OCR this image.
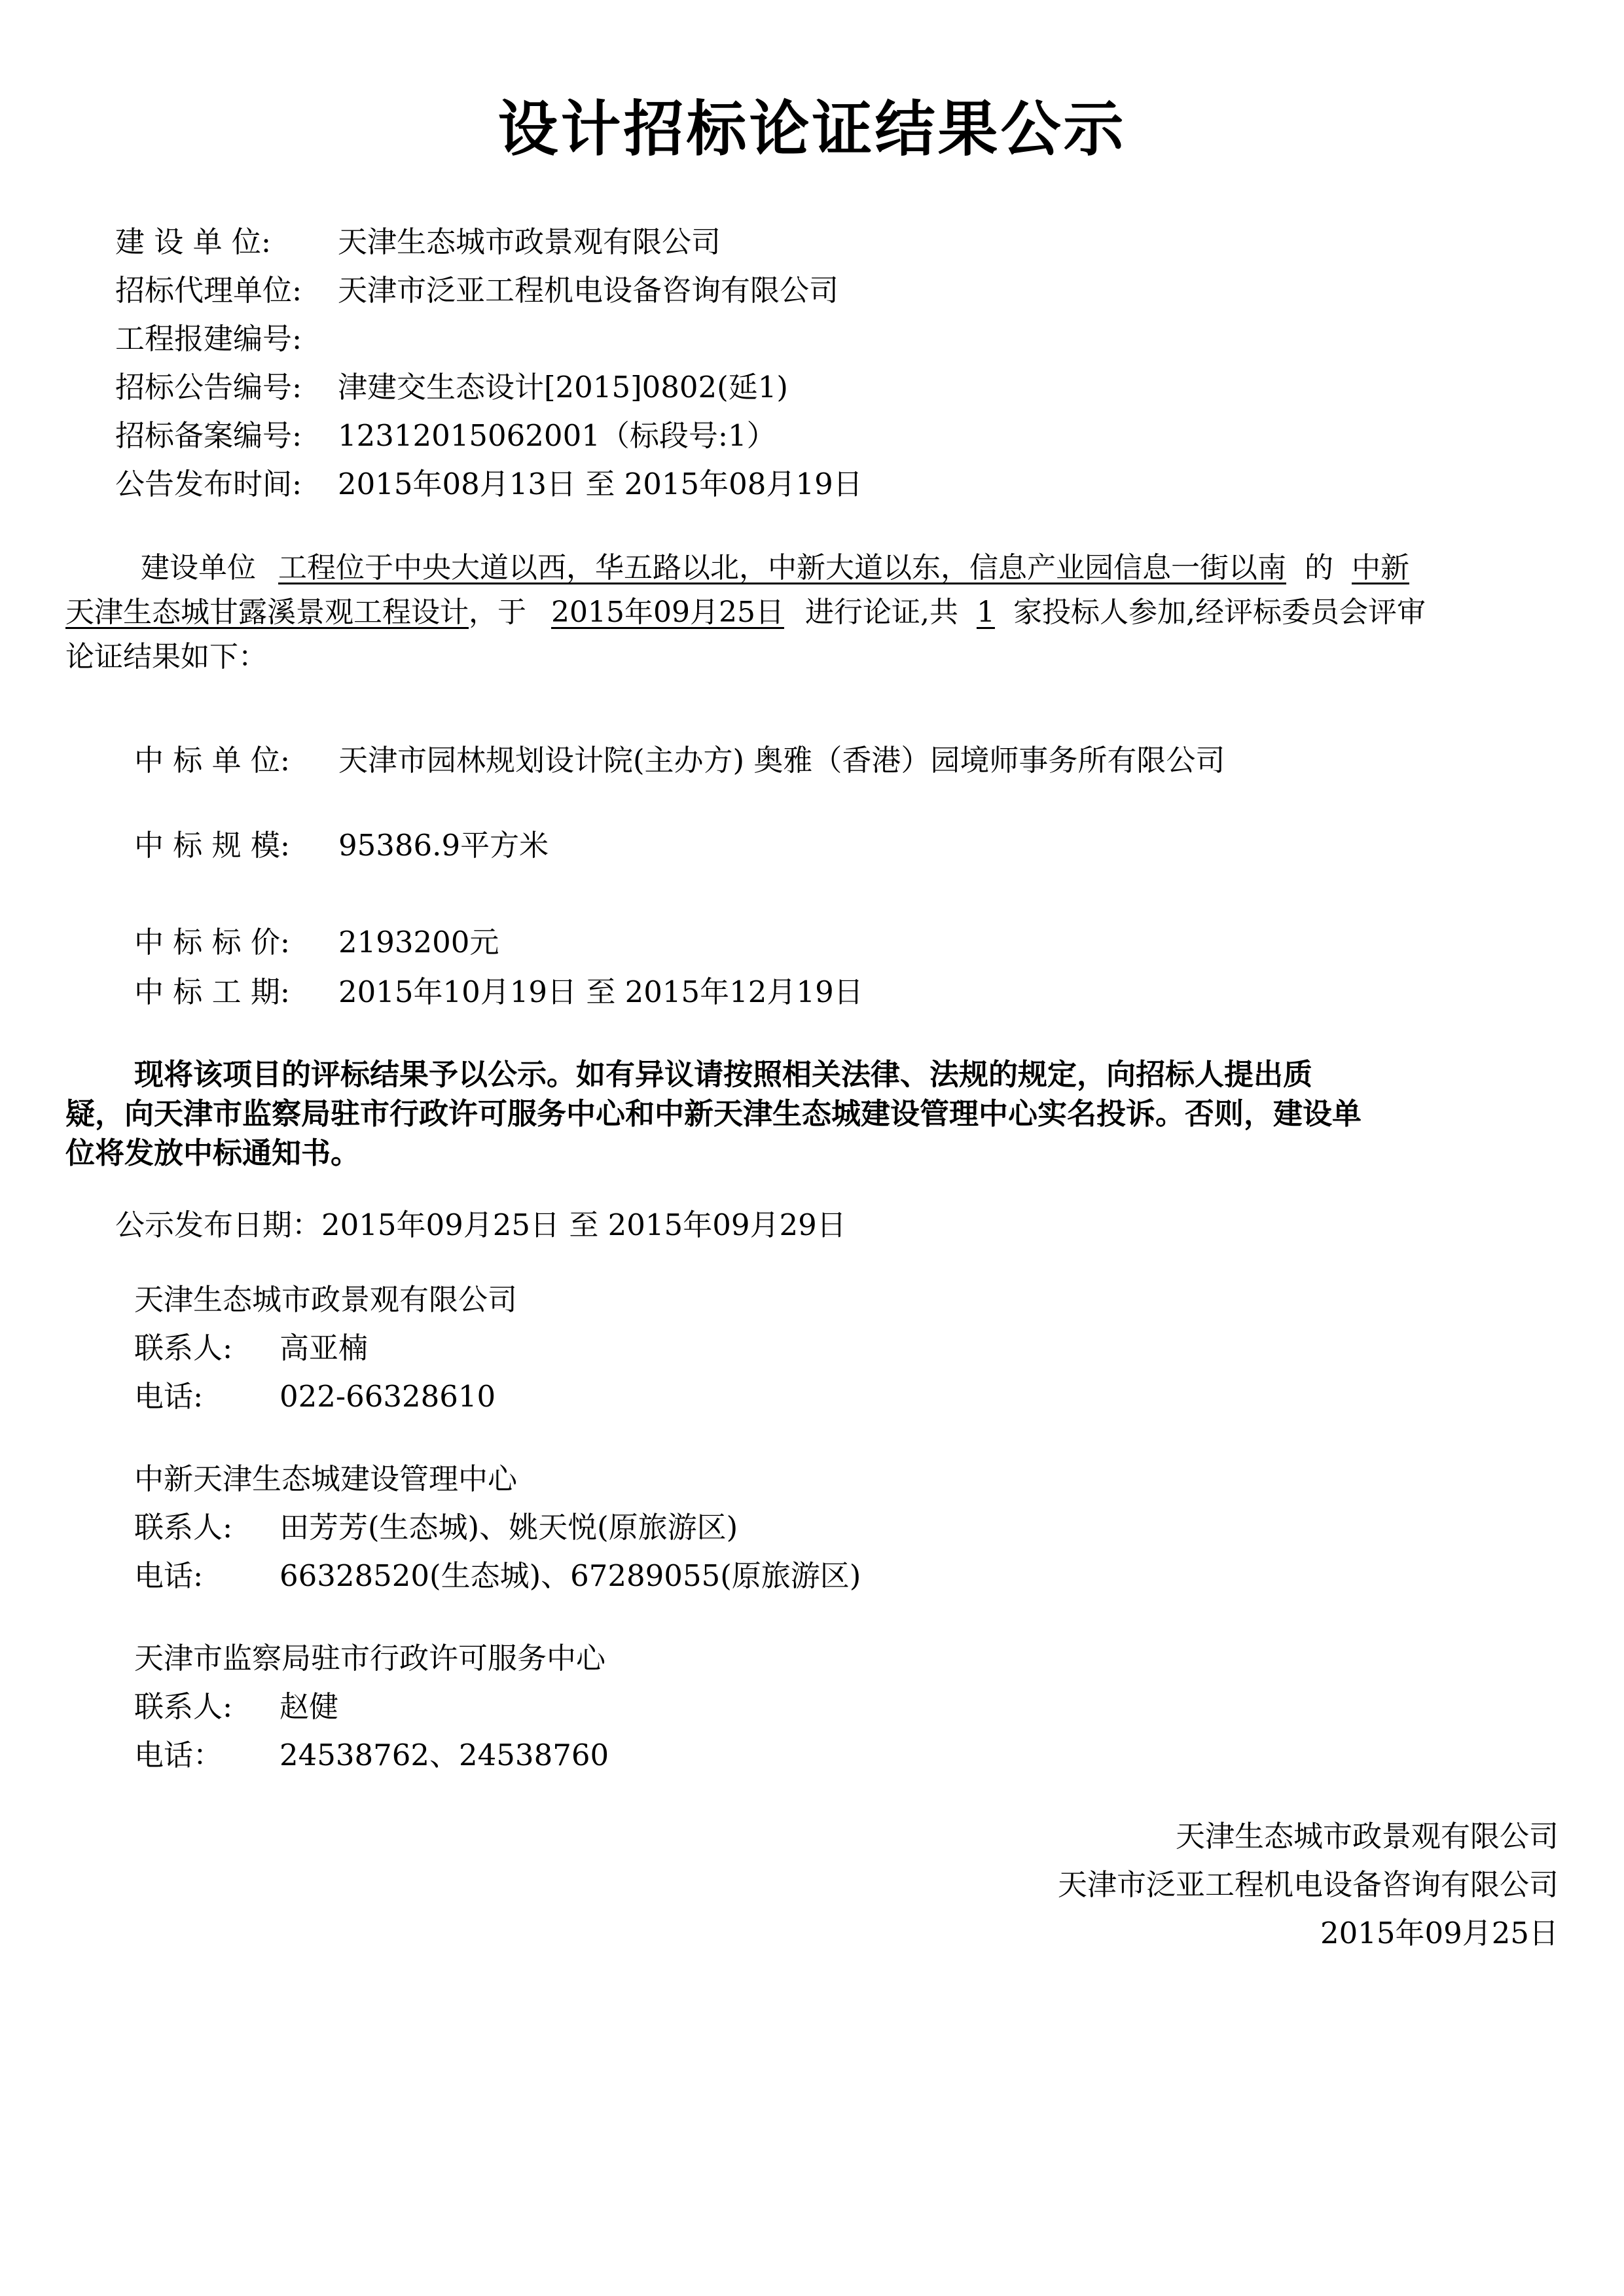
设计招标论证结果公示
建 设 单 位: 天津生态城市政景观有限公司
招标代理单位: 天津市泛亚工程机电设备咨询有限公司
工程报建编号:
招标公告编号: 津建交生态设计[2015]0802(延1)
招标备案编号: 12312015062001（标段号:1）
公告发布时间: 2015年08月13日 至 2015年08月19日
建设单位 工程位于中央大道以西，华五路以北，中新大道以东，信息产业园信息一街以南 的 中新
天津生态城甘露溪景观工程设计，于 2015年09月25日 进行论证,共 1 家投标人参加,经评标委员会评审
论证结果如下：
中 标 单 位: 天津市园林规划设计院(主办方) 奥雅（香港）园境师事务所有限公司
中 标 规 模: 95386.9平方米
中 标 标 价: 2193200元
中 标 工 期: 2015年10月19日 至 2015年12月19日
现将该项目的评标结果予以公示。如有异议请按照相关法律、法规的规定，向招标人提出质
疑，向天津市监察局驻市行政许可服务中心和中新天津生态城建设管理中心实名投诉。否则，建设单
位将发放中标通知书。
公示发布日期：2015年09月25日 至 2015年09月29日
天津生态城市政景观有限公司
联系人: 高亚楠
电话:	022-66328610
中新天津生态城建设管理中心
联系人: 田芳芳(生态城)、姚天悦(原旅游区)
电话:	66328520(生态城)、67289055(原旅游区)
天津市监察局驻市行政许可服务中心
联系人: 赵健
电话： 24538762、24538760
天津生态城市政景观有限公司
天津市泛亚工程机电设备咨询有限公司
2015年09月25日
